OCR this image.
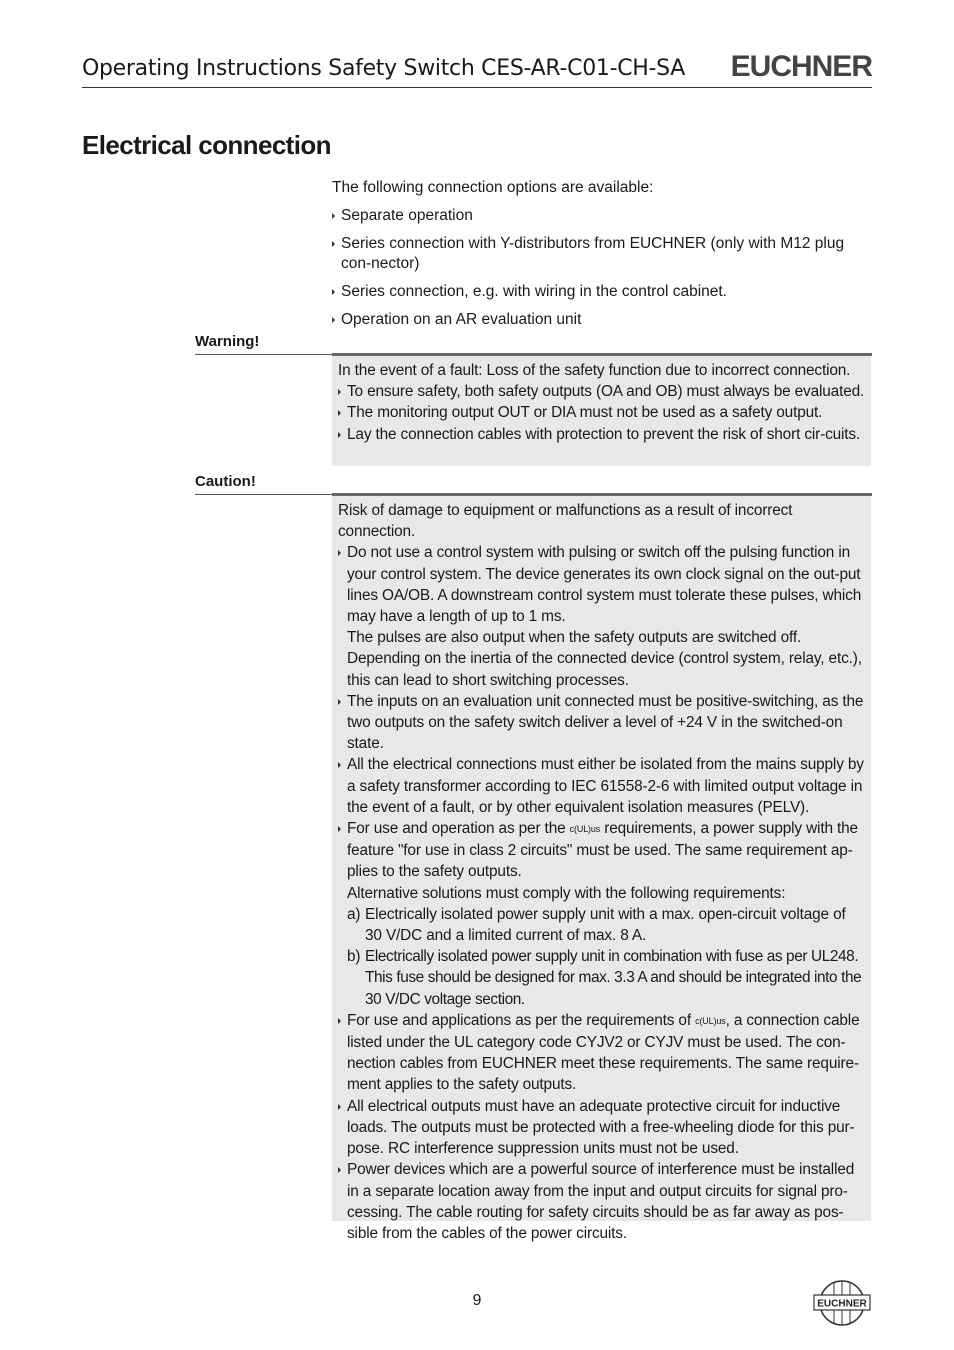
Operating Instructions Safety Switch CES-AR-C01-CH-SA EUCHNER
Electrical connection

The following connection options are available:

Separate operation
Series connection with Y-distributors from EUCHNER (only with M12 plug con-nector)
Series connection, e.g. with wiring in the control cabinet.
Operation on an AR evaluation unit
Warning!

In the event of a fault: Loss of the safety function due to incorrect connection.

To ensure safety, both safety outputs (OA and OB) must always be evaluated.
The monitoring output OUT or DIA must not be used as a safety output.
Lay the connection cables with protection to prevent the risk of short cir-cuits.
Caution!

Risk of damage to equipment or malfunctions as a result of incorrect connection.

Do not use a control system with pulsing or switch off the pulsing function in your control system. The device generates its own clock signal on the out-put lines OA/OB. A downstream control system must tolerate these pulses, which may have a length of up to 1 ms.
The pulses are also output when the safety outputs are switched off. Depending on the inertia of the connected device (control system, relay, etc.), this can lead to short switching processes.
The inputs on an evaluation unit connected must be positive-switching, as the two outputs on the safety switch deliver a level of +24 V in the switched-on state.
All the electrical connections must either be isolated from the mains supply by a safety transformer according to IEC 61558-2-6 with limited output voltage in the event of a fault, or by other equivalent isolation measures (PELV).
For use and operation as per the c(UL)us requirements, a power supply with the feature "for use in class 2 circuits" must be used. The same requirement ap-plies to the safety outputs.
Alternative solutions must comply with the following requirements:
a) Electrically isolated power supply unit with a max. open-circuit voltage of 30 V/DC and a limited current of max. 8 A.
b) Electrically isolated power supply unit in combination with fuse as per UL248. This fuse should be designed for max. 3.3 A and should be integrated into the 30 V/DC voltage section.
For use and applications as per the requirements of c(UL)us, a connection cable listed under the UL category code CYJV2 or CYJV must be used. The con-nection cables from EUCHNER meet these requirements. The same require-ment applies to the safety outputs.
All electrical outputs must have an adequate protective circuit for inductive loads. The outputs must be protected with a free-wheeling diode for this pur-pose. RC interference suppression units must not be used.
Power devices which are a powerful source of interference must be installed in a separate location away from the input and output circuits for signal pro-cessing. The cable routing for safety circuits should be as far away as pos-sible from the cables of the power circuits.
9	EUCHNER
